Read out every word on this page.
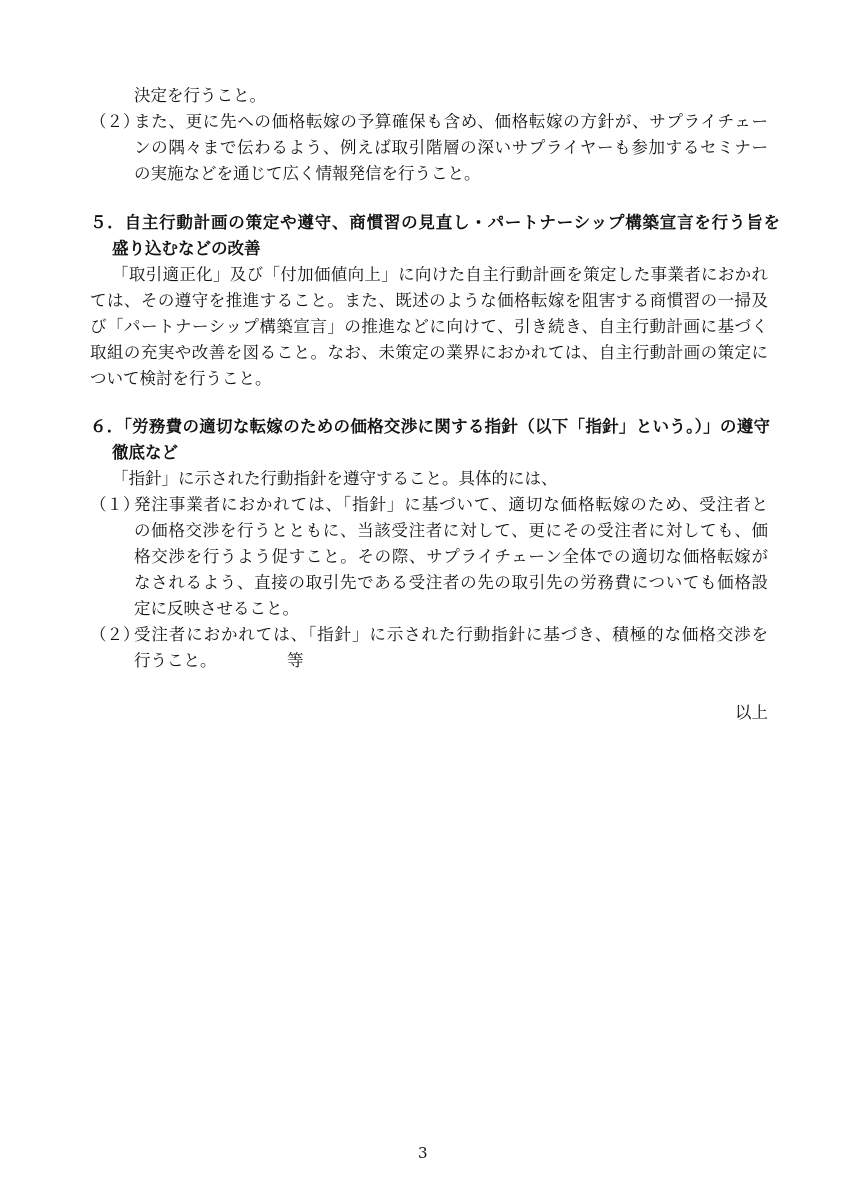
決定を行うこと。
（２）
また、更に先への価格転嫁の予算確保も含め、価格転嫁の方針が、サプライチェー
ンの隅々まで伝わるよう、例えば取引階層の深いサプライヤーも参加するセミナー
の実施などを通じて広く情報発信を行うこと。
５．自主行動計画の策定や遵守、商慣習の見直し・パートナーシップ構築宣言を行う旨を
盛り込むなどの改善
「取引適正化」及び「付加価値向上」に向けた自主行動計画を策定した事業者におかれ
ては、その遵守を推進すること。また、既述のような価格転嫁を阻害する商慣習の一掃及
び「パートナーシップ構築宣言」の推進などに向けて、引き続き、自主行動計画に基づく
取組の充実や改善を図ること。なお、未策定の業界におかれては、自主行動計画の策定に
ついて検討を行うこと。
６．「労務費の適切な転嫁のための価格交渉に関する指針（以下「指針」という。）」の遵守
徹底など
「指針」に示された行動指針を遵守すること。具体的には、
（１）
発注事業者におかれては、「指針」に基づいて、適切な価格転嫁のため、受注者と
の価格交渉を行うとともに、当該受注者に対して、更にその受注者に対しても、価
格交渉を行うよう促すこと。その際、サプライチェーン全体での適切な価格転嫁が
なされるよう、直接の取引先である受注者の先の取引先の労務費についても価格設
定に反映させること。
（２）
受注者におかれては、「指針」に示された行動指針に基づき、積極的な価格交渉を
行うこと。	等
以上
3
